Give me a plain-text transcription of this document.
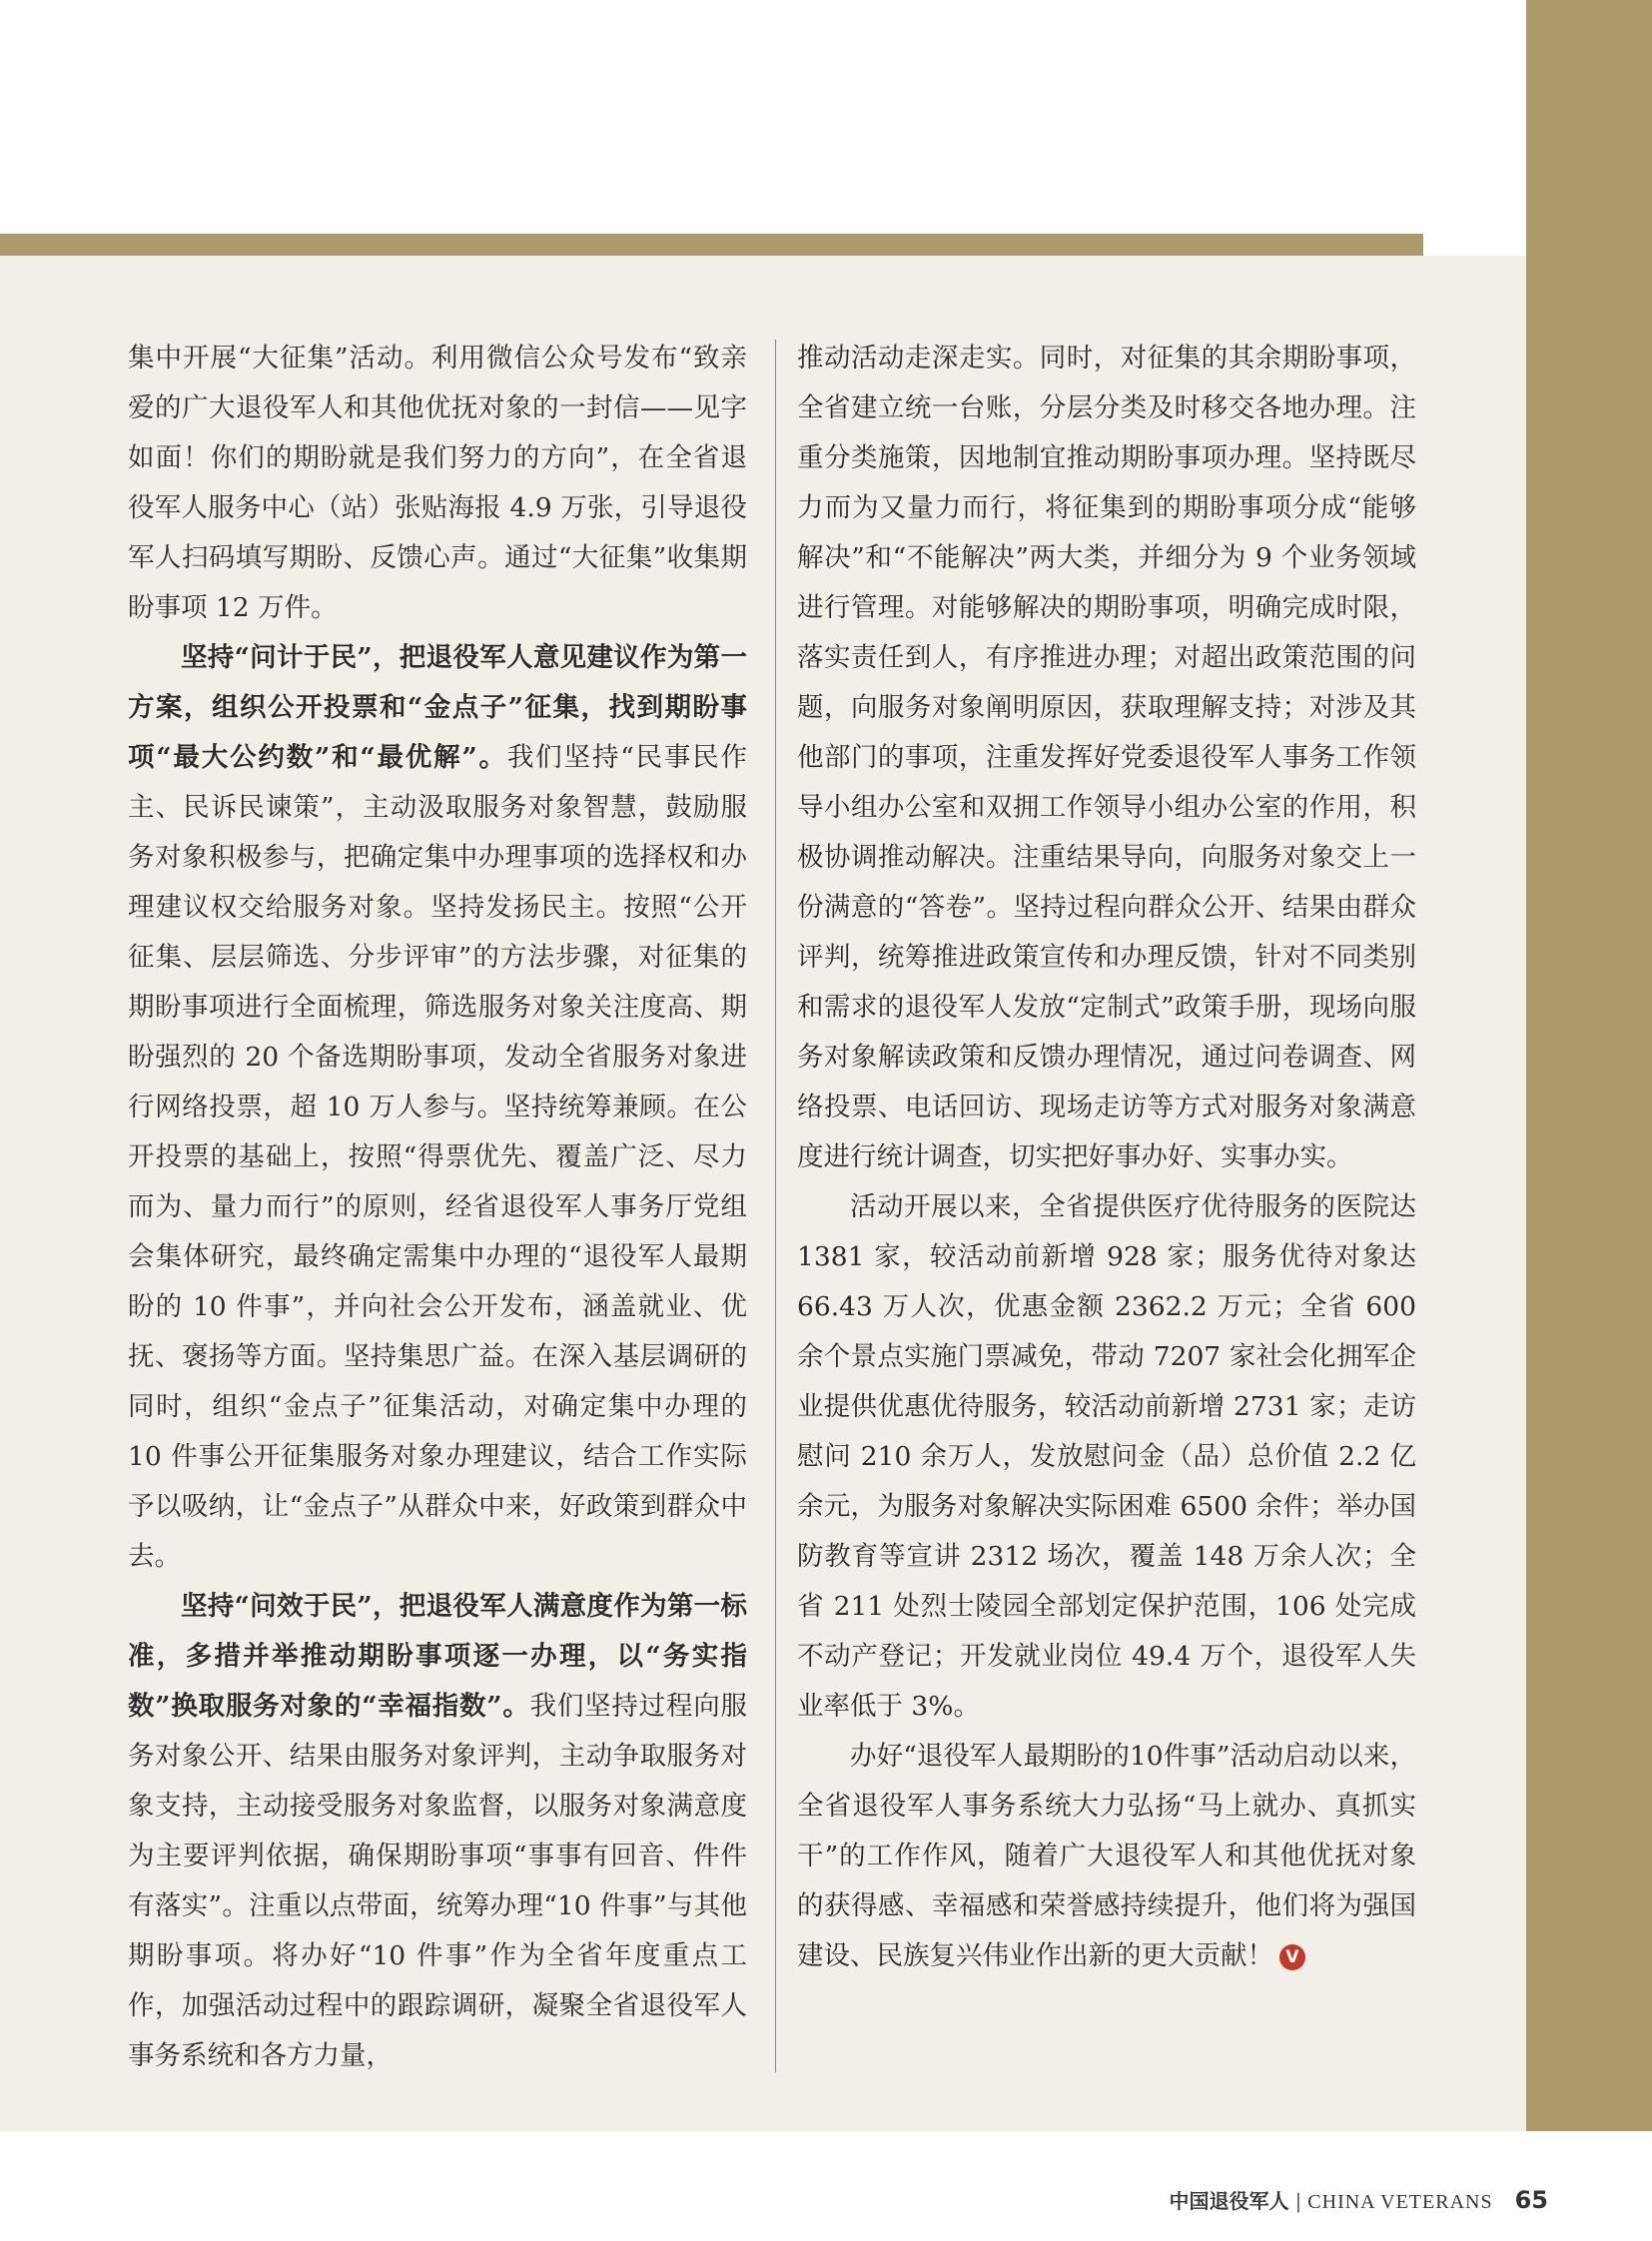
集中开展“大征集”活动。利用微信公众号发布“致亲爱的广大退役军人和其他优抚对象的一封信——见字如面！你们的期盼就是我们努力的方向”，在全省退役军人服务中心（站）张贴海报 4.9 万张，引导退役军人扫码填写期盼、反馈心声。通过“大征集”收集期盼事项 12 万件。

坚持“问计于民”，把退役军人意见建议作为第一方案，组织公开投票和“金点子”征集，找到期盼事项“最大公约数”和“最优解”。我们坚持“民事民作主、民诉民谏策”，主动汲取服务对象智慧，鼓励服务对象积极参与，把确定集中办理事项的选择权和办理建议权交给服务对象。坚持发扬民主。按照“公开征集、层层筛选、分步评审”的方法步骤，对征集的期盼事项进行全面梳理，筛选服务对象关注度高、期盼强烈的 20 个备选期盼事项，发动全省服务对象进行网络投票，超 10 万人参与。坚持统筹兼顾。在公开投票的基础上，按照“得票优先、覆盖广泛、尽力而为、量力而行”的原则，经省退役军人事务厅党组会集体研究，最终确定需集中办理的“退役军人最期盼的 10 件事”，并向社会公开发布，涵盖就业、优抚、褒扬等方面。坚持集思广益。在深入基层调研的同时，组织“金点子”征集活动，对确定集中办理的 10 件事公开征集服务对象办理建议，结合工作实际予以吸纳，让“金点子”从群众中来，好政策到群众中去。

坚持“问效于民”，把退役军人满意度作为第一标准，多措并举推动期盼事项逐一办理，以“务实指数”换取服务对象的“幸福指数”。我们坚持过程向服务对象公开、结果由服务对象评判，主动争取服务对象支持，主动接受服务对象监督，以服务对象满意度为主要评判依据，确保期盼事项“事事有回音、件件有落实”。注重以点带面，统筹办理“10 件事”与其他期盼事项。将办好“10 件事”作为全省年度重点工作，加强活动过程中的跟踪调研，凝聚全省退役军人事务系统和各方力量，

推动活动走深走实。同时，对征集的其余期盼事项，全省建立统一台账，分层分类及时移交各地办理。注重分类施策，因地制宜推动期盼事项办理。坚持既尽力而为又量力而行，将征集到的期盼事项分成“能够解决”和“不能解决”两大类，并细分为 9 个业务领域进行管理。对能够解决的期盼事项，明确完成时限，落实责任到人，有序推进办理；对超出政策范围的问题，向服务对象阐明原因，获取理解支持；对涉及其他部门的事项，注重发挥好党委退役军人事务工作领导小组办公室和双拥工作领导小组办公室的作用，积极协调推动解决。注重结果导向，向服务对象交上一份满意的“答卷”。坚持过程向群众公开、结果由群众评判，统筹推进政策宣传和办理反馈，针对不同类别和需求的退役军人发放“定制式”政策手册，现场向服务对象解读政策和反馈办理情况，通过问卷调查、网络投票、电话回访、现场走访等方式对服务对象满意度进行统计调查，切实把好事办好、实事办实。

活动开展以来，全省提供医疗优待服务的医院达 1381 家，较活动前新增 928 家；服务优待对象达 66.43 万人次，优惠金额 2362.2 万元；全省 600 余个景点实施门票减免，带动 7207 家社会化拥军企业提供优惠优待服务，较活动前新增 2731 家；走访慰问 210 余万人，发放慰问金（品）总价值 2.2 亿余元，为服务对象解决实际困难 6500 余件；举办国防教育等宣讲 2312 场次，覆盖 148 万余人次；全省 211 处烈士陵园全部划定保护范围，106 处完成不动产登记；开发就业岗位 49.4 万个，退役军人失业率低于 3%。

办好“退役军人最期盼的10件事”活动启动以来，全省退役军人事务系统大力弘扬“马上就办、真抓实干”的工作作风，随着广大退役军人和其他优抚对象的获得感、幸福感和荣誉感持续提升，他们将为强国建设、民族复兴伟业作出新的更大贡献！ V

中国退役军人 | CHINA VETERANS 65
